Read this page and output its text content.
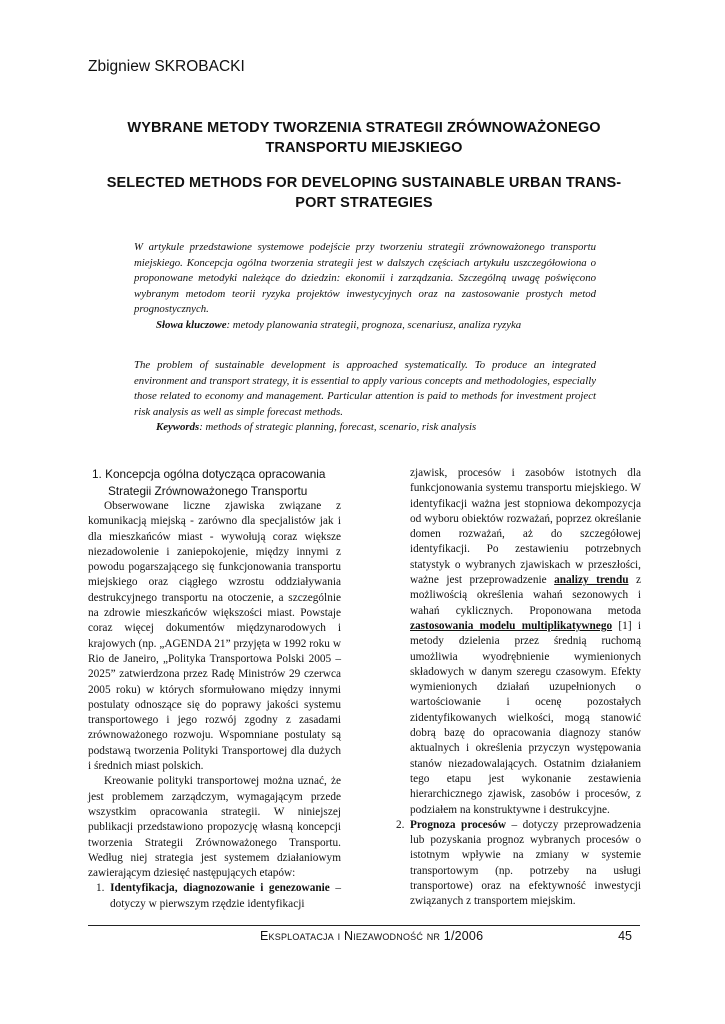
Zbigniew SKROBACKI

WYBRANE METODY TWORZENIA STRATEGII ZRÓWNOWAŻONEGO
TRANSPORTU MIEJSKIEGO

SELECTED METHODS FOR DEVELOPING SUSTAINABLE URBAN TRANS-
PORT STRATEGIES

W artykule przedstawione systemowe podejście przy tworzeniu strategii zrównoważonego transportu miejskiego. Koncepcja ogólna tworzenia strategii jest w dalszych częściach artykułu uszczegółowiona o proponowane metodyki należące do dziedzin: ekonomii i zarządzania. Szczególną uwagę poświęcono wybranym metodom teorii ryzyka projektów inwestycyjnych oraz na zastosowanie prostych metod prognostycznych.

Słowa kluczowe: metody planowania strategii, prognoza, scenariusz, analiza ryzyka

The problem of sustainable development is approached systematically. To produce an integrated environment and transport strategy, it is essential to apply various concepts and methodologies, especially those related to economy and management. Particular attention is paid to methods for investment project risk analysis as well as simple forecast methods.

Keywords: methods of strategic planning, forecast, scenario, risk analysis

1. Koncepcja ogólna dotycząca opracowania Strategii Zrównoważonego Transportu

Obserwowane liczne zjawiska związane z komunikacją miejską - zarówno dla specjalistów jak i dla mieszkańców miast - wywołują coraz większe niezadowolenie i zaniepokojenie, między innymi z powodu pogarszającego się funkcjonowania transportu miejskiego oraz ciągłego wzrostu oddziaływania destrukcyjnego transportu na otoczenie, a szczególnie na zdrowie mieszkańców większości miast. Powstaje coraz więcej dokumentów międzynarodowych i krajowych (np. „AGENDA 21” przyjęta w 1992 roku w Rio de Janeiro, „Polityka Transportowa Polski 2005 – 2025” zatwierdzona przez Radę Ministrów 29 czerwca 2005 roku) w których sformułowano między innymi postulaty odnoszące się do poprawy jakości systemu transportowego i jego rozwój zgodny z zasadami zrównoważonego rozwoju. Wspomniane postulaty są podstawą tworzenia Polityki Transportowej dla dużych i średnich miast polskich.

Kreowanie polityki transportowej można uznać, że jest problemem zarządczym, wymagającym przede wszystkim opracowania strategii. W niniejszej publikacji przedstawiono propozycję własną koncepcji tworzenia Strategii Zrównoważonego Transportu. Według niej strategia jest systemem działaniowym zawierającym dziesięć następujących etapów:

1. Identyfikacja, diagnozowanie i genezowanie – dotyczy w pierwszym rzędzie identyfikacji

zjawisk, procesów i zasobów istotnych dla funkcjonowania systemu transportu miejskiego. W identyfikacji ważna jest stopniowa dekompozycja od wyboru obiektów rozważań, poprzez określanie domen rozważań, aż do szczegółowej identyfikacji. Po zestawieniu potrzebnych statystyk o wybranych zjawiskach w przeszłości, ważne jest przeprowadzenie analizy trendu z możliwością określenia wahań sezonowych i wahań cyklicznych. Proponowana metoda zastosowania modelu multiplikatywnego [1] i metody dzielenia przez średnią ruchomą umożliwia wyodrębnienie wymienionych składowych w danym szeregu czasowym. Efekty wymienionych działań uzupełnionych o wartościowanie i ocenę pozostałych zidentyfikowanych wielkości, mogą stanowić dobrą bazę do opracowania diagnozy stanów aktualnych i określenia przyczyn występowania stanów niezadowalających. Ostatnim działaniem tego etapu jest wykonanie zestawienia hierarchicznego zjawisk, zasobów i procesów, z podziałem na konstruktywne i destrukcyjne.

2. Prognoza procesów – dotyczy przeprowadzenia lub pozyskania prognoz wybranych procesów o istotnym wpływie na zmiany w systemie transportowym (np. potrzeby na usługi transportowe) oraz na efektywność inwestycji związanych z transportem miejskim.

Eksploatacja i Niezawodność nr 1/2006	45
